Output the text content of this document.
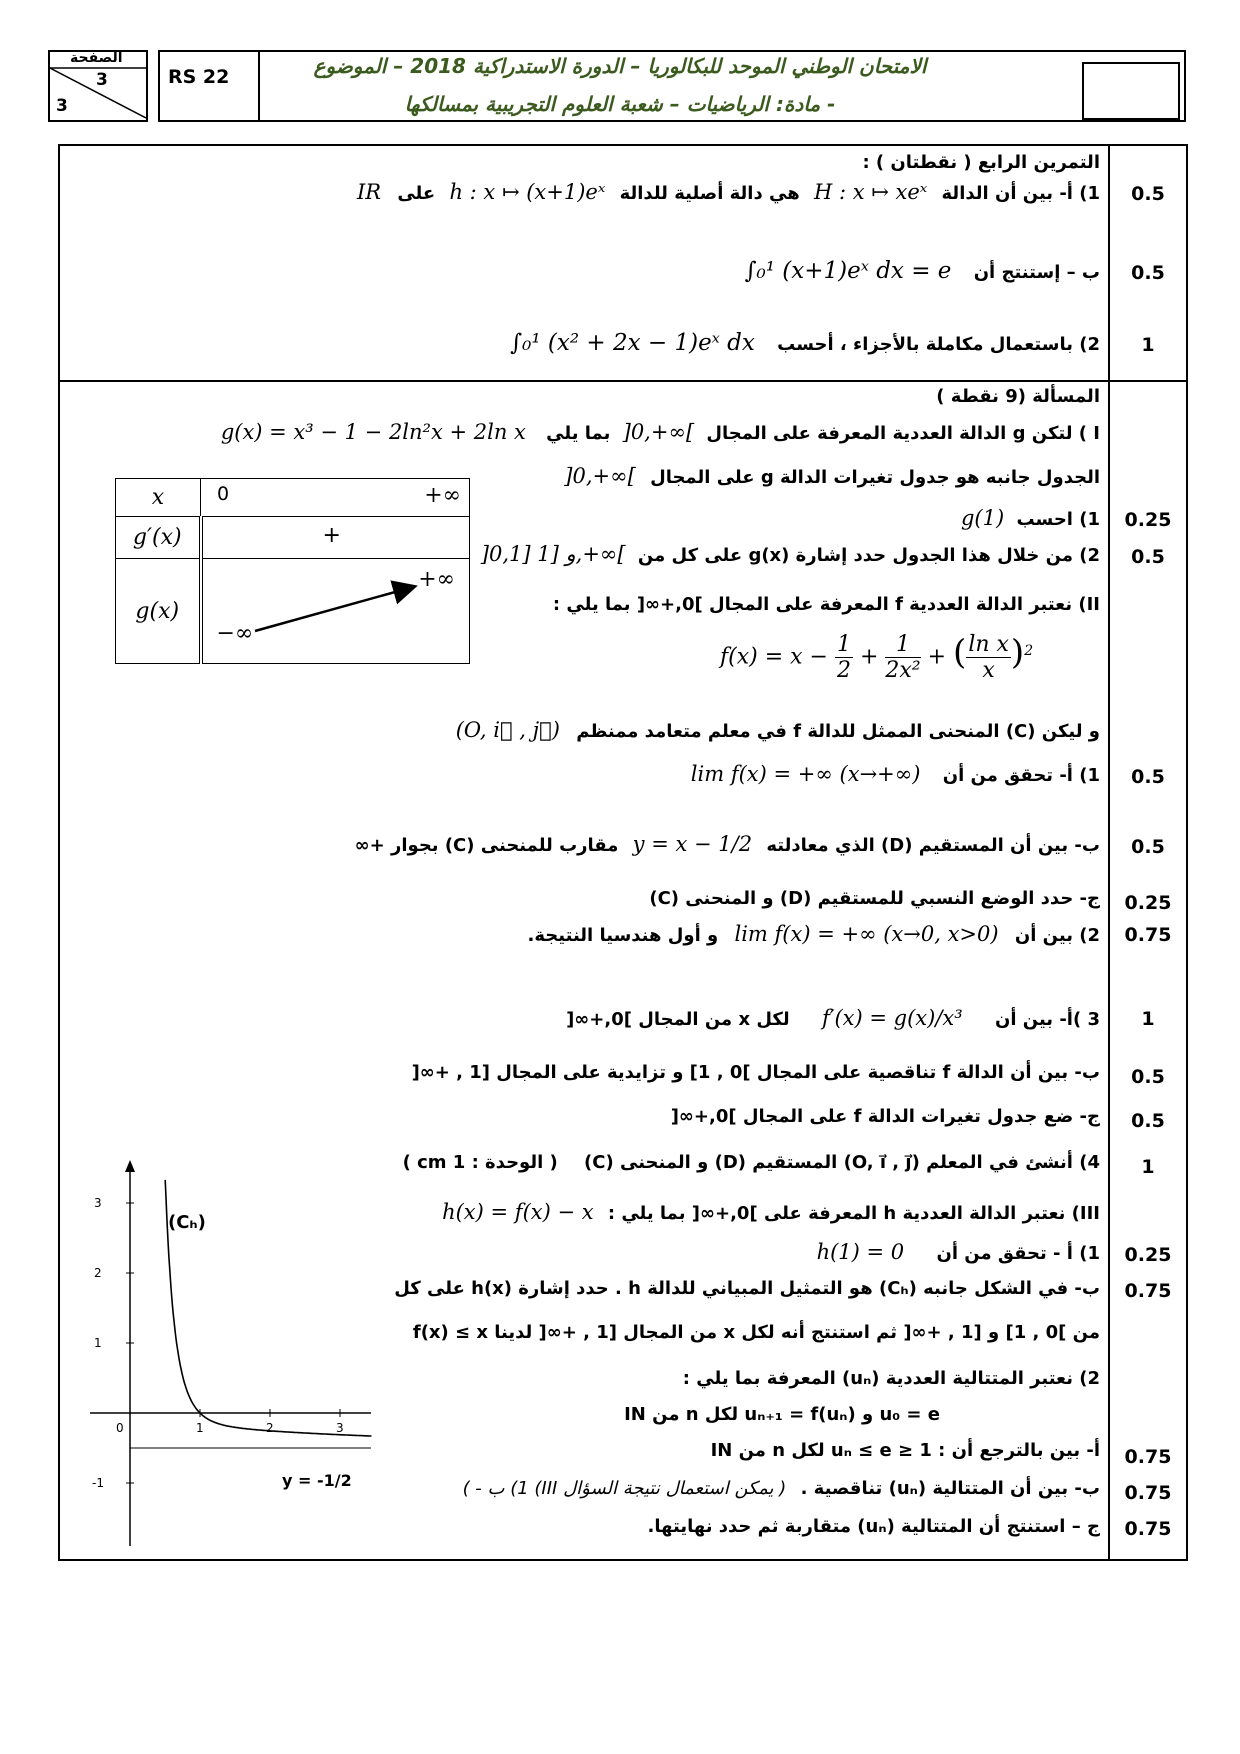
الصفحة
3
3
RS 22	الامتحان الوطني الموحد للبكالوريا – الدورة الاستدراكية 2018 – الموضوع
- مادة: الرياضيات – شعبة العلوم التجريبية بمسالكها
التمرين الرابع ( نقطتان ) :
1) أ- بين أن الدالة H : x ↦ xeˣ هي دالة أصلية للدالة h : x ↦ (x+1)eˣ على IR	0.5
ب – إستنتج أن ∫₀¹ (x+1)eˣ dx = e	0.5
2) باستعمال مكاملة بالأجزاء ، أحسب ∫₀¹ (x² + 2x − 1)eˣ dx	1
المسألة (9 نقطة )
I ) لتكن g الدالة العددية المعرفة على المجال ]0,+∞[ بما يلي g(x) = x³ − 1 − 2ln²x + 2ln x
الجدول جانبه هو جدول تغيرات الدالة g على المجال ]0,+∞[
1) احسب g(1)	0.25
2) من خلال هذا الجدول حدد إشارة g(x) على كل من ]0,1] و [1,+∞[	0.5
x	0 +∞

g′(x)	+

g(x)	−∞
+∞
II) نعتبر الدالة العددية f المعرفة على المجال ]0,+∞[ بما يلي :
$f(x) = x - \frac{1}{2} + \frac{1}{\text{2x²}}$ + ( $\frac{\text{ln x}}{x} )^2$
و ليكن (C) المنحنى الممثل للدالة f في معلم متعامد ممنظم (O, i⃗ , j⃗)
1) أ- تحقق من أن lim f(x) = +∞ (x→+∞)	0.5
ب- بين أن المستقيم (D) الذي معادلته y = x − 1/2 مقارب للمنحنى (C) بجوار +∞	0.5
ج- حدد الوضع النسبي للمستقيم (D) و المنحنى (C)	0.25
2) بين أن lim f(x) = +∞ (x→0, x>0) و أول هندسيا النتيجة.	0.75
3 )أ- بين أن f′(x) = g(x)/x³ لكل x من المجال ]0,+∞[	1
ب- بين أن الدالة f تناقصية على المجال ]0 , 1] و تزايدية على المجال [1 , +∞[	0.5
ج- ضع جدول تغيرات الدالة f على المجال ]0,+∞[	0.5
4) أنشئ في المعلم (O, i⃗ , j⃗) المستقيم (D) و المنحنى (C) ( الوحدة : 1 cm )	1
III) نعتبر الدالة العددية h المعرفة على ]0,+∞[ بما يلي : h(x) = f(x) − x
1) أ - تحقق من أن h(1) = 0	0.25
ب- في الشكل جانبه (Cₕ) هو التمثيل المبياني للدالة h . حدد إشارة h(x) على كل	0.75
من ]0 , 1] و [1 , +∞[ ثم استنتج أنه لكل x من المجال [1 , +∞[ لدينا f(x) ≤ x
2) نعتبر المتتالية العددية (uₙ) المعرفة بما يلي :
u₀ = e و uₙ₊₁ = f(uₙ) لكل n من IN
أ- بين بالترجع أن : 1 ≤ uₙ ≤ e لكل n من IN	0.75
ب- بين أن المتتالية (uₙ) تناقصية . ( يمكن استعمال نتيجة السؤال III) 1) ب - )	0.75
ج – استنتج أن المتتالية (uₙ) متقاربة ثم حدد نهايتها.	0.75
0	1	2	3
3
2
1
-1
(Cₕ)
y = -1/2
